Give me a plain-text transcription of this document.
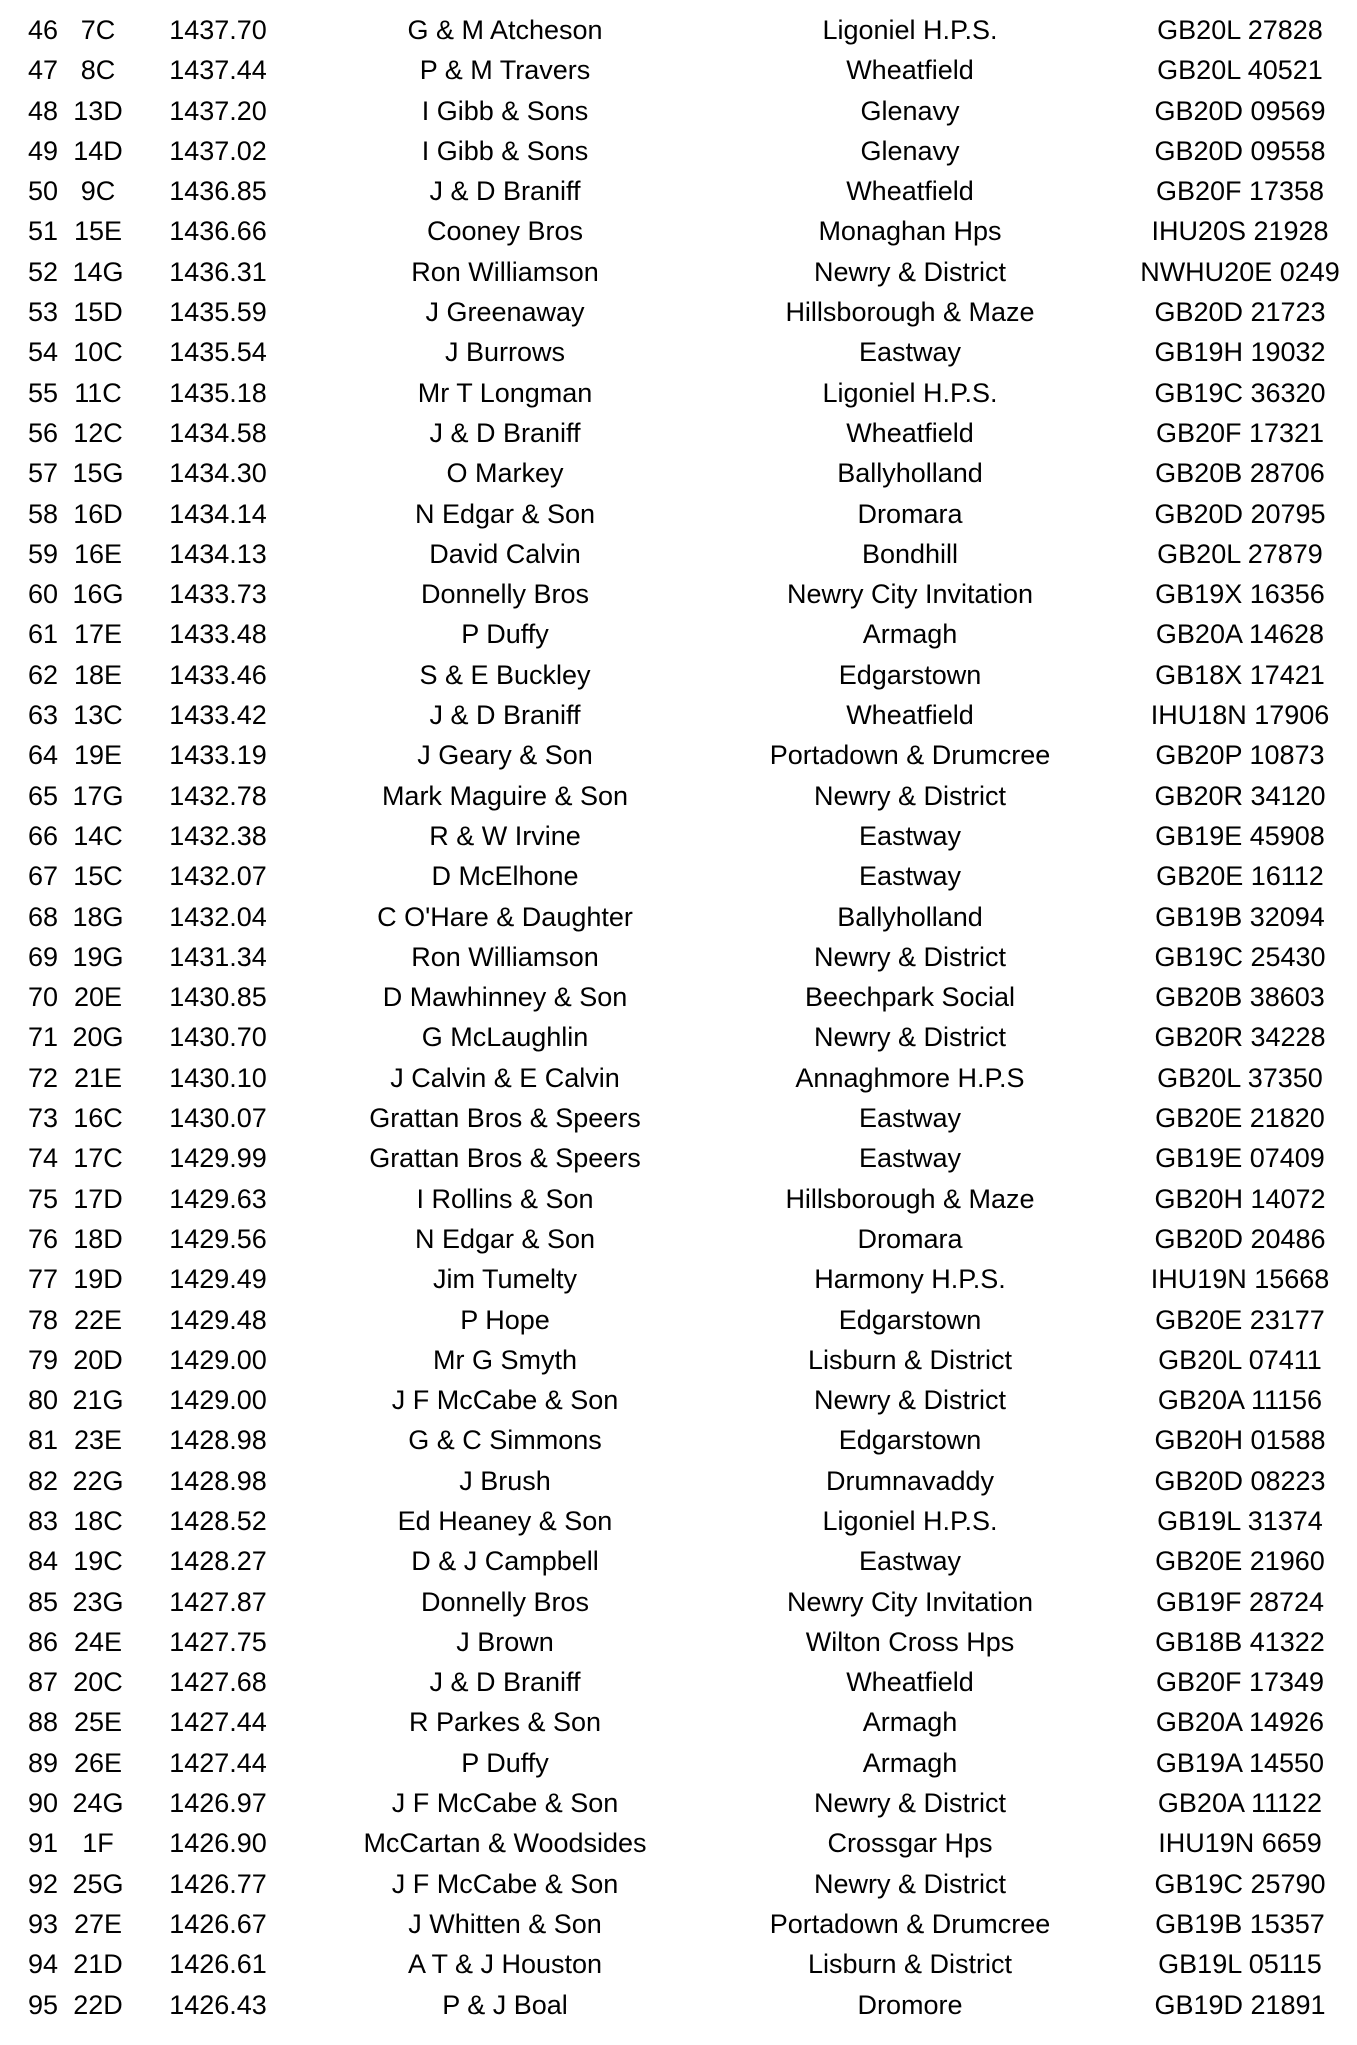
46 7C	1437.70	G & M Atcheson	Ligoniel H.P.S.	GB20L 27828
47 8C	1437.44	P & M Travers	Wheatfield	GB20L 40521
48 13D	1437.20	I Gibb & Sons	Glenavy	GB20D 09569
49 14D	1437.02	I Gibb & Sons	Glenavy	GB20D 09558
50 9C	1436.85	J & D Braniff	Wheatfield	GB20F 17358
51 15E	1436.66	Cooney Bros	Monaghan Hps	IHU20S 21928
52 14G	1436.31	Ron Williamson	Newry & District	NWHU20E 0249
53 15D	1435.59	J Greenaway	Hillsborough & Maze	GB20D 21723
54 10C	1435.54	J Burrows	Eastway	GB19H 19032
55 11C	1435.18	Mr T Longman	Ligoniel H.P.S.	GB19C 36320
56 12C	1434.58	J & D Braniff	Wheatfield	GB20F 17321
57 15G	1434.30	O Markey	Ballyholland	GB20B 28706
58 16D	1434.14	N Edgar & Son	Dromara	GB20D 20795
59 16E	1434.13	David Calvin	Bondhill	GB20L 27879
60 16G	1433.73	Donnelly Bros	Newry City Invitation	GB19X 16356
61 17E	1433.48	P Duffy	Armagh	GB20A 14628
62 18E	1433.46	S & E Buckley	Edgarstown	GB18X 17421
63 13C	1433.42	J & D Braniff	Wheatfield	IHU18N 17906
64 19E	1433.19	J Geary & Son	Portadown & Drumcree	GB20P 10873
65 17G	1432.78	Mark Maguire & Son	Newry & District	GB20R 34120
66 14C	1432.38	R & W Irvine	Eastway	GB19E 45908
67 15C	1432.07	D McElhone	Eastway	GB20E 16112
68 18G	1432.04	C O'Hare & Daughter	Ballyholland	GB19B 32094
69 19G	1431.34	Ron Williamson	Newry & District	GB19C 25430
70 20E	1430.85	D Mawhinney & Son	Beechpark Social	GB20B 38603
71 20G	1430.70	G McLaughlin	Newry & District	GB20R 34228
72 21E	1430.10	J Calvin & E Calvin	Annaghmore H.P.S	GB20L 37350
73 16C	1430.07	Grattan Bros & Speers	Eastway	GB20E 21820
74 17C	1429.99	Grattan Bros & Speers	Eastway	GB19E 07409
75 17D	1429.63	I Rollins & Son	Hillsborough & Maze	GB20H 14072
76 18D	1429.56	N Edgar & Son	Dromara	GB20D 20486
77 19D	1429.49	Jim Tumelty	Harmony H.P.S.	IHU19N 15668
78 22E	1429.48	P Hope	Edgarstown	GB20E 23177
79 20D	1429.00	Mr G Smyth	Lisburn & District	GB20L 07411
80 21G	1429.00	J F McCabe & Son	Newry & District	GB20A 11156
81 23E	1428.98	G & C Simmons	Edgarstown	GB20H 01588
82 22G	1428.98	J Brush	Drumnavaddy	GB20D 08223
83 18C	1428.52	Ed Heaney & Son	Ligoniel H.P.S.	GB19L 31374
84 19C	1428.27	D & J Campbell	Eastway	GB20E 21960
85 23G	1427.87	Donnelly Bros	Newry City Invitation	GB19F 28724
86 24E	1427.75	J Brown	Wilton Cross Hps	GB18B 41322
87 20C	1427.68	J & D Braniff	Wheatfield	GB20F 17349
88 25E	1427.44	R Parkes & Son	Armagh	GB20A 14926
89 26E	1427.44	P Duffy	Armagh	GB19A 14550
90 24G	1426.97	J F McCabe & Son	Newry & District	GB20A 11122
91 1F	1426.90	McCartan & Woodsides	Crossgar Hps	IHU19N 6659
92 25G	1426.77	J F McCabe & Son	Newry & District	GB19C 25790
93 27E	1426.67	J Whitten & Son	Portadown & Drumcree	GB19B 15357
94 21D	1426.61	A T & J Houston	Lisburn & District	GB19L 05115
95 22D	1426.43	P & J Boal	Dromore	GB19D 21891
